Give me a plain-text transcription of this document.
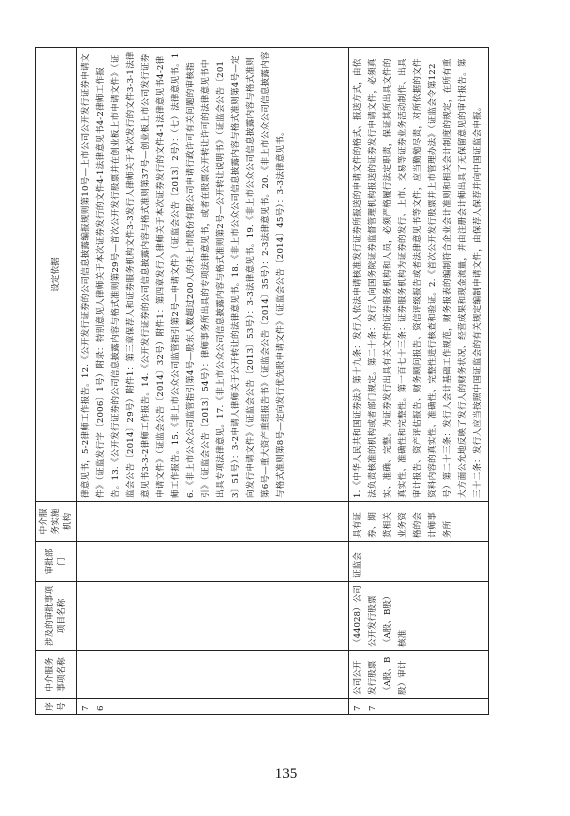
序号	中介服务事项名称	涉及的审批事项项目名称	审批部门	中介服务实施机构	设定依据
76					律意见书，5-2律师工作报告。12.《公开发行证券的公司信息披露编报规则第10号—上市公司公开发行证券申请文件》（证监发行字〔2006〕1号）附录：特别意见人律师关于本次证券发行的文件4-1法律意见书4-2律师工作报告。13.《公开发行证券的公司信息披露内容与格式准则第29号—首次公开发行股票并在创业板上市申请文件》（证监会公告〔2014〕29号）附件1：第三章保荐人和证券服务机构文件3-3发行人律师关于本次发行的文件3-3-1法律意见书3-3-2律师工作报告。14.《公开发行证券的公司信息披露内容与格式准则第37号—创业板上市公司发行证券申请文件》（证监会公告〔2014〕32号）附件1：第四章发行人律师关于本次证券发行的文件4-1法律意见书4-2律师工作报告。15.《非上市公众公司监管指引第2号—申请文件》（证监会公告〔2013〕2号）：（七）法律意见书。16.《非上市公众公司监管指引第4号—股东人数超过200人的未上市股份有限公司申请行政许可有关问题的审核指引》（证监会公告〔2013〕54号）：律师事务所出具的专项法律意见书，或者在股票公开转让许可的法律意见书中出具专项法律意见。17.《非上市公众公司信息披露内容与格式准则第2号—公开转让说明书》（证监会公告〔2013〕51号）：3-2申请人律师关于公开转让的法律意见书。18.《非上市公众公司信息披露内容与格式准则第4号—定向发行申请文件》（证监会公告〔2013〕53号）：3-3法律意见书。19.《非上市公众公司信息披露内容与格式准则第6号—重大资产重组报告书》（证监会公告〔2014〕35号）：2-3法律意见书。20.《非上市公众公司信息披露内容与格式准则第8号—定向发行优先股申请文件》（证监会公告〔2014〕45号）：3-3法律意见书。
77	公司公开发行股票（A股、B股）审计	（44028）公司公开发行股票（A股、B股）核准	证监会	具有证券、期货相关业务资格的会计师事务所	1.《中华人民共和国证券法》第十九条：发行人依法申请核准发行证券所报送的申请文件的格式、报送方式，由依法负责核准的机构或者部门规定。第二十条：发行人向国务院证券监督管理机构报送的证券发行申请文件，必须真实、准确、完整。为证券发行出具有关文件的证券服务机构和人员，必须严格履行法定职责，保证其所出具文件的真实性、准确性和完整性。第一百七十三条：证券服务机构为证券的发行、上市、交易等证券业务活动制作、出具审计报告、资产评估报告、财务顾问报告、资信评级报告或者法律意见书等文件，应当勤勉尽责，对所依据的文件资料内容的真实性、准确性、完整性进行核查和验证。2.《首次公开发行股票并上市管理办法》（证监会令第122号）第二十三条：发行人会计基础工作规范，财务报表的编制符合企业会计准则和相关会计制度的规定，在所有重大方面公允地反映了发行人的财务状况、经营成果和现金流量，并由注册会计师出具了无保留意见的审计报告。第三十二条：发行人应当按照中国证监会的有关规定编制申请文件，由保荐人保荐并向中国证监会申报。
135
